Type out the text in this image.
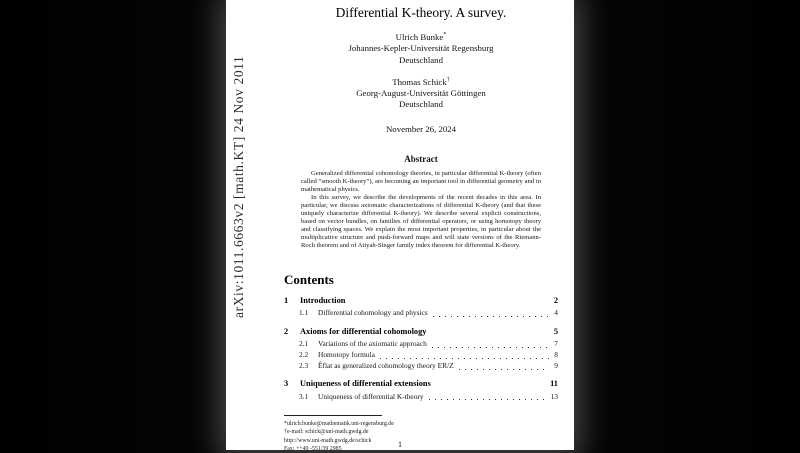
arXiv:1011.6663v2 [math.KT] 24 Nov 2011
Differential K-theory. A survey.
Ulrich Bunke*
Johannes-Kepler-Universität Regensburg
Deutschland
Thomas Schick†
Georg-August-Universität Göttingen
Deutschland
November 26, 2024
Abstract

Generalized differential cohomology theories, in particular differential K-theory (often called “smooth K-theory”), are becoming an important tool in differential geometry and in mathematical physics.

In this survey, we describe the developments of the recent decades in this area. In particular, we discuss axiomatic characterizations of differential K-theory (and that these uniquely characterize differential K-theory). We describe several explicit constructions, based on vector bundles, on families of differential operators, or using homotopy theory and classifying spaces. We explain the most important properties, in particular about the multiplicative structure and push-forward maps and will state versions of the Riemann-Roch theorem and of Atiyah-Singer family index theorem for differential K-theory.

Contents
1	Introduction	2
1.1	Differential cohomology and physics	4
2	Axioms for differential cohomology	5
2.1	Variations of the axiomatic approach	7
2.2	Homotopy formula	8
2.3	Êflat as generalized cohomology theory ER/Z	9
3	Uniqueness of differential extensions	11
3.1	Uniqueness of differential K-theory	13
*ulrich.bunke@mathematik.uni-regensburg.de
†e-mail: schick@uni-math.gwdg.de
http://www.uni-math.gwdg.de/schick
Fax: ++49 -551/39 2985	1
